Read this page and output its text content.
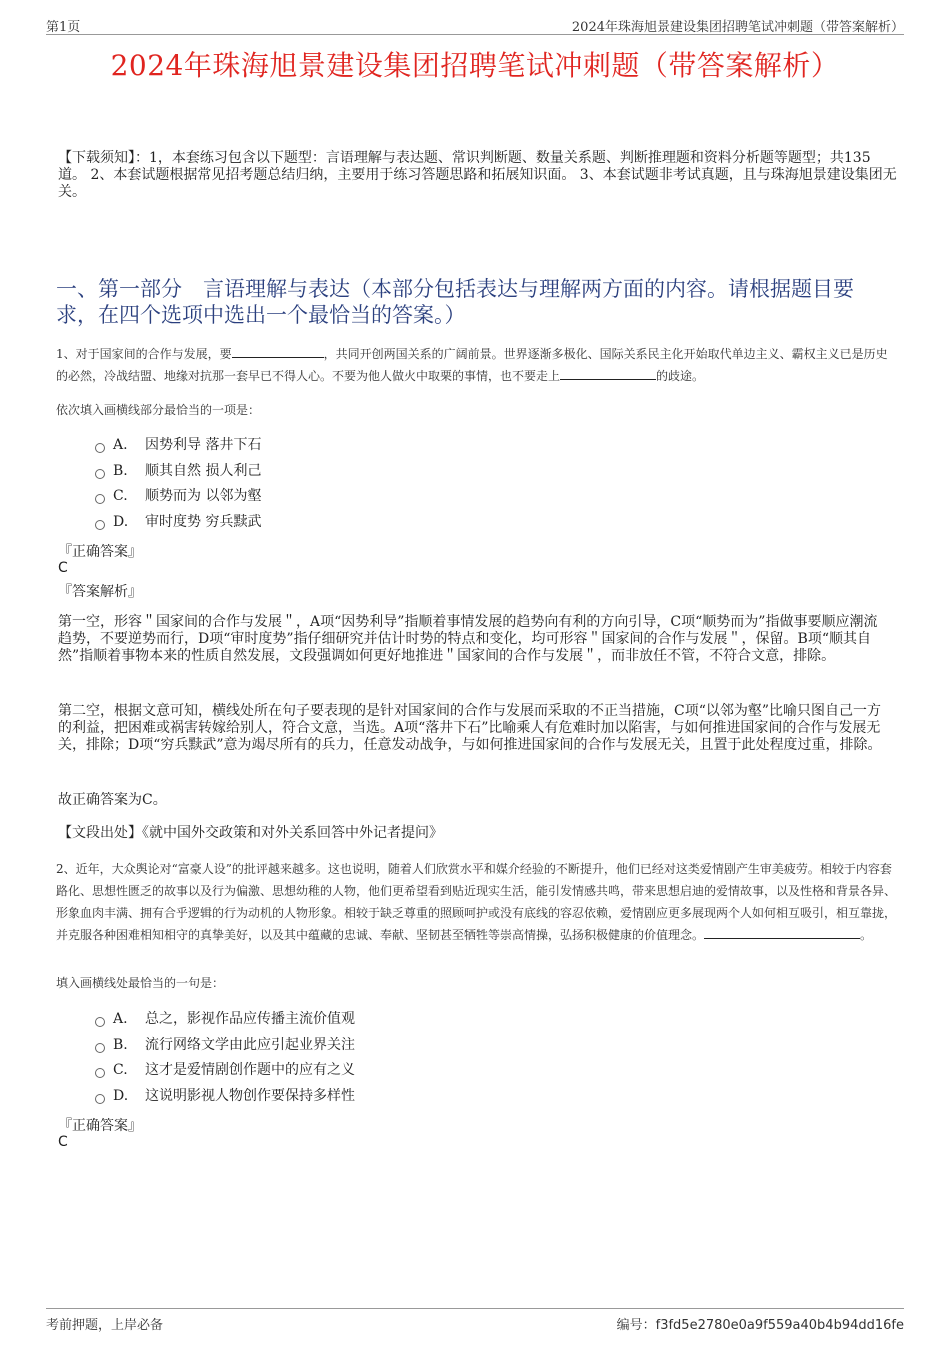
第1页	2024年珠海旭景建设集团招聘笔试冲刺题（带答案解析）
2024年珠海旭景建设集团招聘笔试冲刺题（带答案解析）
【下载须知】：1，本套练习包含以下题型：言语理解与表达题、常识判断题、数量关系题、判断推理题和资料分析题等题型；共135道。 2、本套试题根据常见招考题总结归纳，主要用于练习答题思路和拓展知识面。 3、本套试题非考试真题，且与珠海旭景建设集团无关。
一、第一部分　言语理解与表达（本部分包括表达与理解两方面的内容。请根据题目要求，在四个选项中选出一个最恰当的答案。）
1、对于国家间的合作与发展，要	，共同开创两国关系的广阔前景。世界逐渐多极化、国际关系民主化开始取代单边主义、霸权主义已是历史的必然，冷战结盟、地缘对抗那一套早已不得人心。不要为他人做火中取栗的事情，也不要走上	的歧途。
依次填入画横线部分最恰当的一项是：
A. 因势利导 落井下石
B. 顺其自然 损人利己
C. 顺势而为 以邻为壑
D. 审时度势 穷兵黩武
『正确答案』
C
『答案解析』
第一空，形容＂国家间的合作与发展＂，A项“因势利导”指顺着事情发展的趋势向有利的方向引导，C项“顺势而为”指做事要顺应潮流趋势，不要逆势而行，D项“审时度势”指仔细研究并估计时势的特点和变化，均可形容＂国家间的合作与发展＂，保留。B项“顺其自然”指顺着事物本来的性质自然发展，文段强调如何更好地推进＂国家间的合作与发展＂，而非放任不管，不符合文意，排除。
第二空，根据文意可知，横线处所在句子要表现的是针对国家间的合作与发展而采取的不正当措施，C项“以邻为壑”比喻只图自己一方的利益，把困难或祸害转嫁给别人，符合文意，当选。A项“落井下石”比喻乘人有危难时加以陷害，与如何推进国家间的合作与发展无关，排除；D项“穷兵黩武”意为竭尽所有的兵力，任意发动战争，与如何推进国家间的合作与发展无关，且置于此处程度过重，排除。
故正确答案为C。
【文段出处】《就中国外交政策和对外关系回答中外记者提问》
2、近年，大众舆论对“富豪人设”的批评越来越多。这也说明，随着人们欣赏水平和媒介经验的不断提升，他们已经对这类爱情剧产生审美疲劳。相较于内容套路化、思想性匮乏的故事以及行为偏激、思想幼稚的人物，他们更希望看到贴近现实生活，能引发情感共鸣，带来思想启迪的爱情故事，以及性格和背景各异、形象血肉丰满、拥有合乎逻辑的行为动机的人物形象。相较于缺乏尊重的照顾呵护或没有底线的容忍依赖，爱情剧应更多展现两个人如何相互吸引，相互靠拢，并克服各种困难相知相守的真挚美好，以及其中蕴藏的忠诚、奉献、坚韧甚至牺牲等崇高情操，弘扬积极健康的价值理念。	。
填入画横线处最恰当的一句是：
A. 总之，影视作品应传播主流价值观
B. 流行网络文学由此应引起业界关注
C. 这才是爱情剧创作题中的应有之义
D. 这说明影视人物创作要保持多样性
『正确答案』
C
考前押题，上岸必备	编号：f3fd5e2780e0a9f559a40b4b94dd16fe
